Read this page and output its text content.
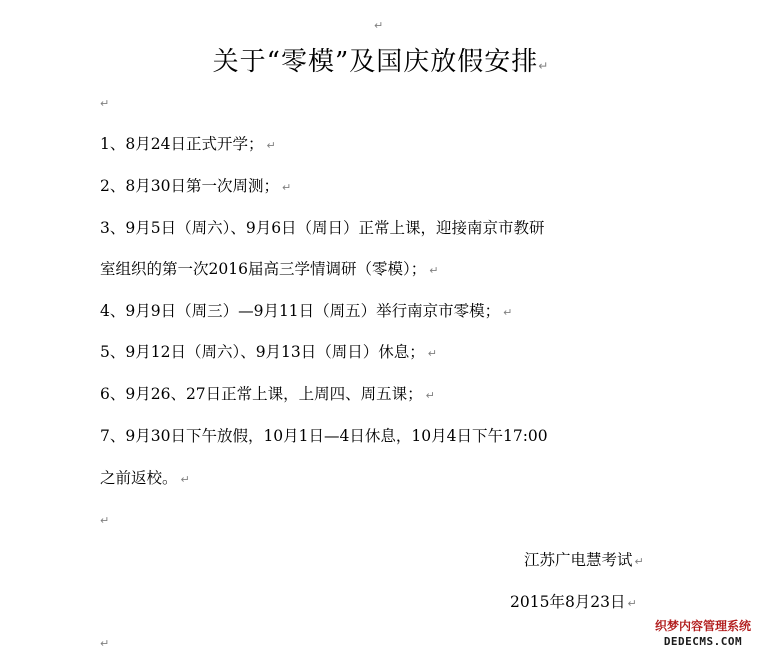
↵
关于“零模”及国庆放假安排↵
↵
1、8月24日正式开学； ↵
2、8月30日第一次周测； ↵
3、9月5日（周六）、9月6日（周日）正常上课，迎接南京市教研
室组织的第一次2016届高三学情调研（零模）； ↵
4、9月9日（周三）—9月11日（周五）举行南京市零模； ↵
5、9月12日（周六）、9月13日（周日）休息； ↵
6、9月26、27日正常上课，上周四、周五课； ↵
7、9月30日下午放假，10月1日—4日休息，10月4日下午17:00
之前返校。 ↵
↵
江苏广电慧考试 ↵
2015年8月23日 ↵
↵
织梦内容管理系统
DEDECMS.COM
